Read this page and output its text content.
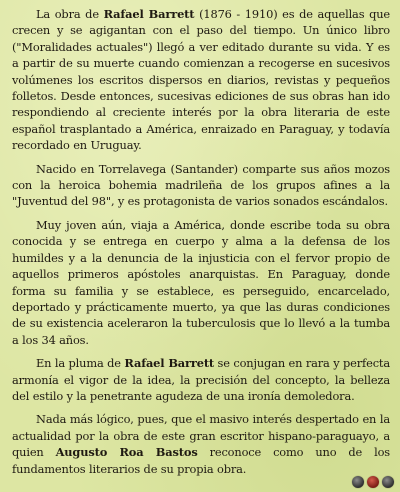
La obra de Rafael Barrett (1876 - 1910) es de aquellas que crecen y se agigantan con el paso del tiempo. Un único libro ("Moralidades actuales") llegó a ver editado durante su vida. Y es a partir de su muerte cuando comienzan a recogerse en sucesivos volúmenes los escritos dispersos en diarios, revistas y pequeños folletos. Desde entonces, sucesivas ediciones de sus obras han ido respondiendo al creciente interés por la obra literaria de este español trasplantado a América, enraizado en Paraguay, y todavía recordado en Uruguay.

Nacido en Torrelavega (Santander) comparte sus años mozos con la heroica bohemia madrileña de los grupos afines a la "Juventud del 98", y es protagonista de varios sonados escándalos.

Muy joven aún, viaja a América, donde escribe toda su obra conocida y se entrega en cuerpo y alma a la defensa de los humildes y a la denuncia de la injusticia con el fervor propio de aquellos primeros apóstoles anarquistas. En Paraguay, donde forma su familia y se establece, es perseguido, encarcelado, deportado y prácticamente muerto, ya que las duras condiciones de su existencia aceleraron la tuberculosis que lo llevó a la tumba a los 34 años.

En la pluma de Rafael Barrett se conjugan en rara y perfecta armonía el vigor de la idea, la precisión del concepto, la belleza del estilo y la penetrante agudeza de una ironía demoledora.

Nada más lógico, pues, que el masivo interés despertado en la actualidad por la obra de este gran escritor hispano-paraguayo, a quien Augusto Roa Bastos reconoce como uno de los fundamentos literarios de su propia obra.
